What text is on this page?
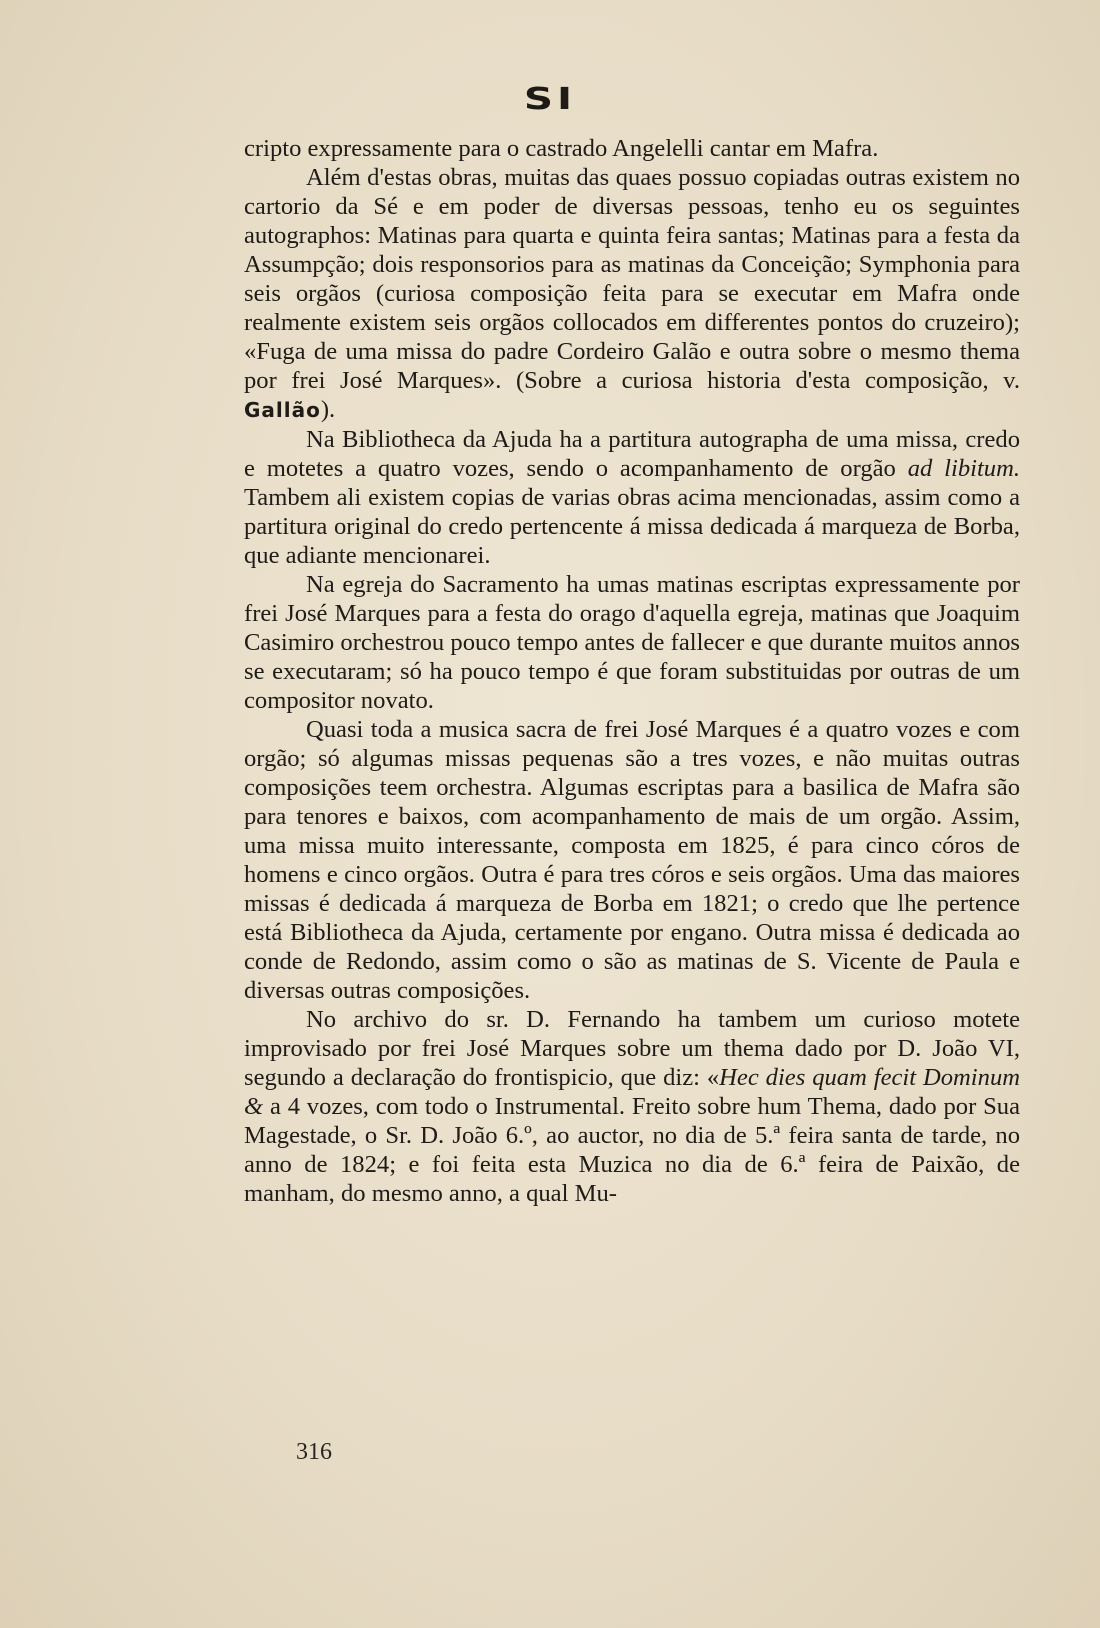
SI

cripto expressamente para o castrado Angelelli cantar em Mafra.

Além d'estas obras, muitas das quaes possuo copiadas outras existem no cartorio da Sé e em poder de diversas pessoas, tenho eu os seguintes autographos: Matinas para quarta e quinta feira santas; Matinas para a festa da Assumpção; dois responsorios para as matinas da Conceição; Symphonia para seis orgãos (curiosa composição feita para se executar em Mafra onde realmente existem seis orgãos collocados em differentes pontos do cruzeiro); «Fuga de uma missa do padre Cordeiro Galão e outra sobre o mesmo thema por frei José Marques». (Sobre a curiosa historia d'esta composição, v. Gallão).

Na Bibliotheca da Ajuda ha a partitura autographa de uma missa, credo e motetes a quatro vozes, sendo o acompanhamento de orgão ad libitum. Tambem ali existem copias de varias obras acima mencionadas, assim como a partitura original do credo pertencente á missa dedicada á marqueza de Borba, que adiante mencionarei.

Na egreja do Sacramento ha umas matinas escriptas expressamente por frei José Marques para a festa do orago d'aquella egreja, matinas que Joaquim Casimiro orchestrou pouco tempo antes de fallecer e que durante muitos annos se executaram; só ha pouco tempo é que foram substituidas por outras de um compositor novato.

Quasi toda a musica sacra de frei José Marques é a quatro vozes e com orgão; só algumas missas pequenas são a tres vozes, e não muitas outras composições teem orchestra. Algumas escriptas para a basilica de Mafra são para tenores e baixos, com acompanhamento de mais de um orgão. Assim, uma missa muito interessante, composta em 1825, é para cinco córos de homens e cinco orgãos. Outra é para tres córos e seis orgãos. Uma das maiores missas é dedicada á marqueza de Borba em 1821; o credo que lhe pertence está Bibliotheca da Ajuda, certamente por engano. Outra missa é dedicada ao conde de Redondo, assim como o são as matinas de S. Vicente de Paula e diversas outras composições.

No archivo do sr. D. Fernando ha tambem um curioso motete improvisado por frei José Marques sobre um thema dado por D. João VI, segundo a declaração do frontispicio, que diz: «Hec dies quam fecit Dominum & a 4 vozes, com todo o Instrumental. Freito sobre hum Thema, dado por Sua Magestade, o Sr. D. João 6.º, ao auctor, no dia de 5.ª feira santa de tarde, no anno de 1824; e foi feita esta Muzica no dia de 6.ª feira de Paixão, de manham, do mesmo anno, a qual Mu-

316
